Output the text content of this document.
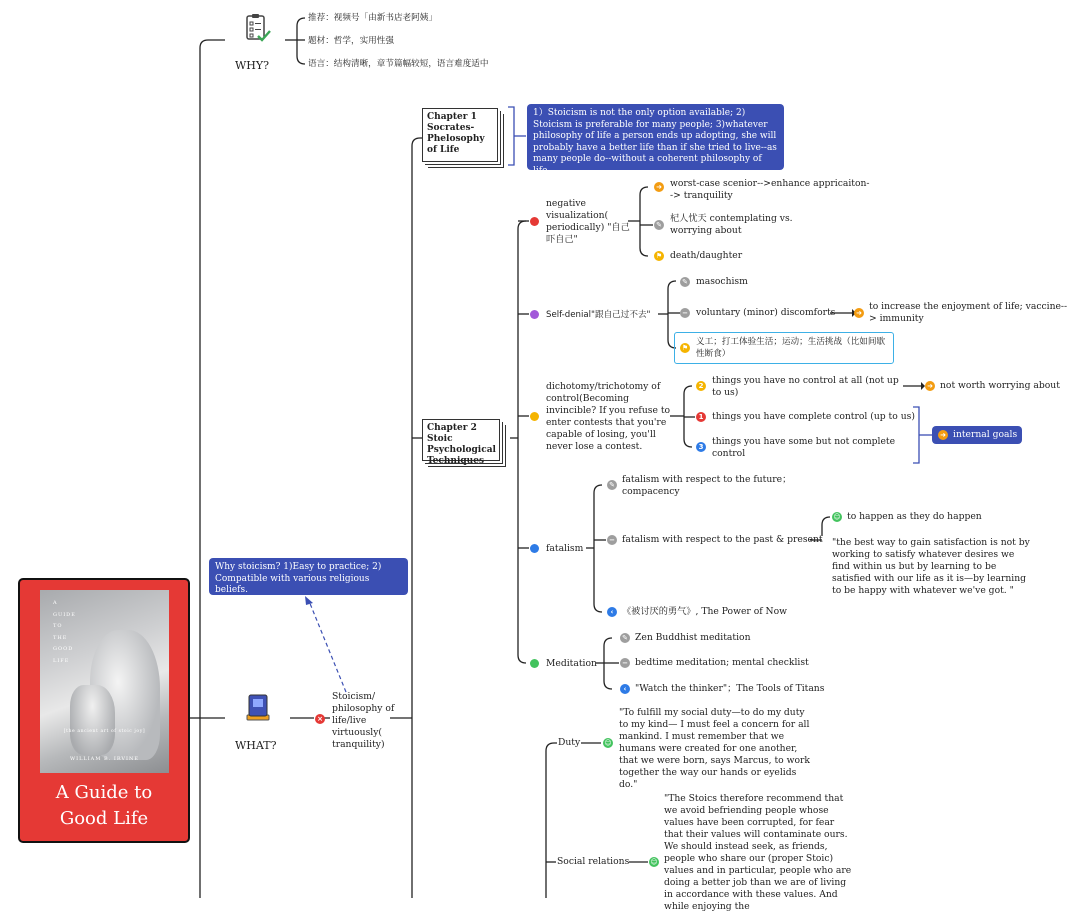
A
GUIDE
TO
THE
GOOD
LIFE
[the ancient art of stoic joy]
WILLIAM B. IRVINE
A Guide to
Good Life
WHY?
推荐：视频号「由新书店老阿姨」
题材：哲学，实用性强
语言：结构清晰，章节篇幅较短，语言难度适中
WHAT?
×
Stoicism/ philosophy of life/live virtuously( tranquility)
Why stoicism? 1)Easy to practice; 2) Compatible with various religious beliefs.
Chapter 1 Socrates-Phelosophy of Life
1）Stoicism is not the only option available; 2) Stoicism is preferable for many people; 3)whatever philosophy of life a person ends up adopting, she will probably have a better life than if she tried to live--as many people do--without a coherent philosophy of life.
Chapter 2 Stoic Psychological Techniques
negative visualization( periodically) "自己吓自己"
➜ worst-case scenior-->enhance appricaiton--> tranquility
✎
杞人忧天 contemplating vs. worrying about
⚑ death/daughter
Self-denial"跟自己过不去"
✎ masochism
− voluntary (minor) discomforts	➜
to increase the enjoyment of life; vaccine--> immunity
⚑
义工；打工体验生活；运动；生活挑战（比如间歇性断食）
dichotomy/trichotomy of control(Becoming invincible? If you refuse to enter contests that you're capable of losing, you'll never lose a contest.
2 things you have no control at all (not up to us)
➜ not worth worrying about
1 things you have complete control (up to us)
3 things you have some but not complete control
➜ internal goals
fatalism
✎ fatalism with respect to the future；compacency
− fatalism with respect to the past & present
☺ to happen as they do happen
"the best way to gain satisfaction is not by working to satisfy whatever desires we find within us but by learning to be satisfied with our life as it is—by learning to be happy with whatever we've got. "
‹ 《被讨厌的勇气》, The Power of Now
Meditation
✎ Zen Buddhist meditation
− bedtime meditation; mental checklist
‹ "Watch the thinker"；The Tools of Titans
Duty	☺
"To fulfill my social duty—to do my duty to my kind— I must feel a concern for all mankind. I must remember that we humans were created for one another, that we were born, says Marcus, to work together the way our hands or eyelids do."
Social relations	☺
"The Stoics therefore recommend that we avoid befriending people whose values have been corrupted, for fear that their values will contaminate ours. We should instead seek, as friends, people who share our (proper Stoic) values and in particular, people who are doing a better job than we are of living in accordance with these values. And while enjoying the
